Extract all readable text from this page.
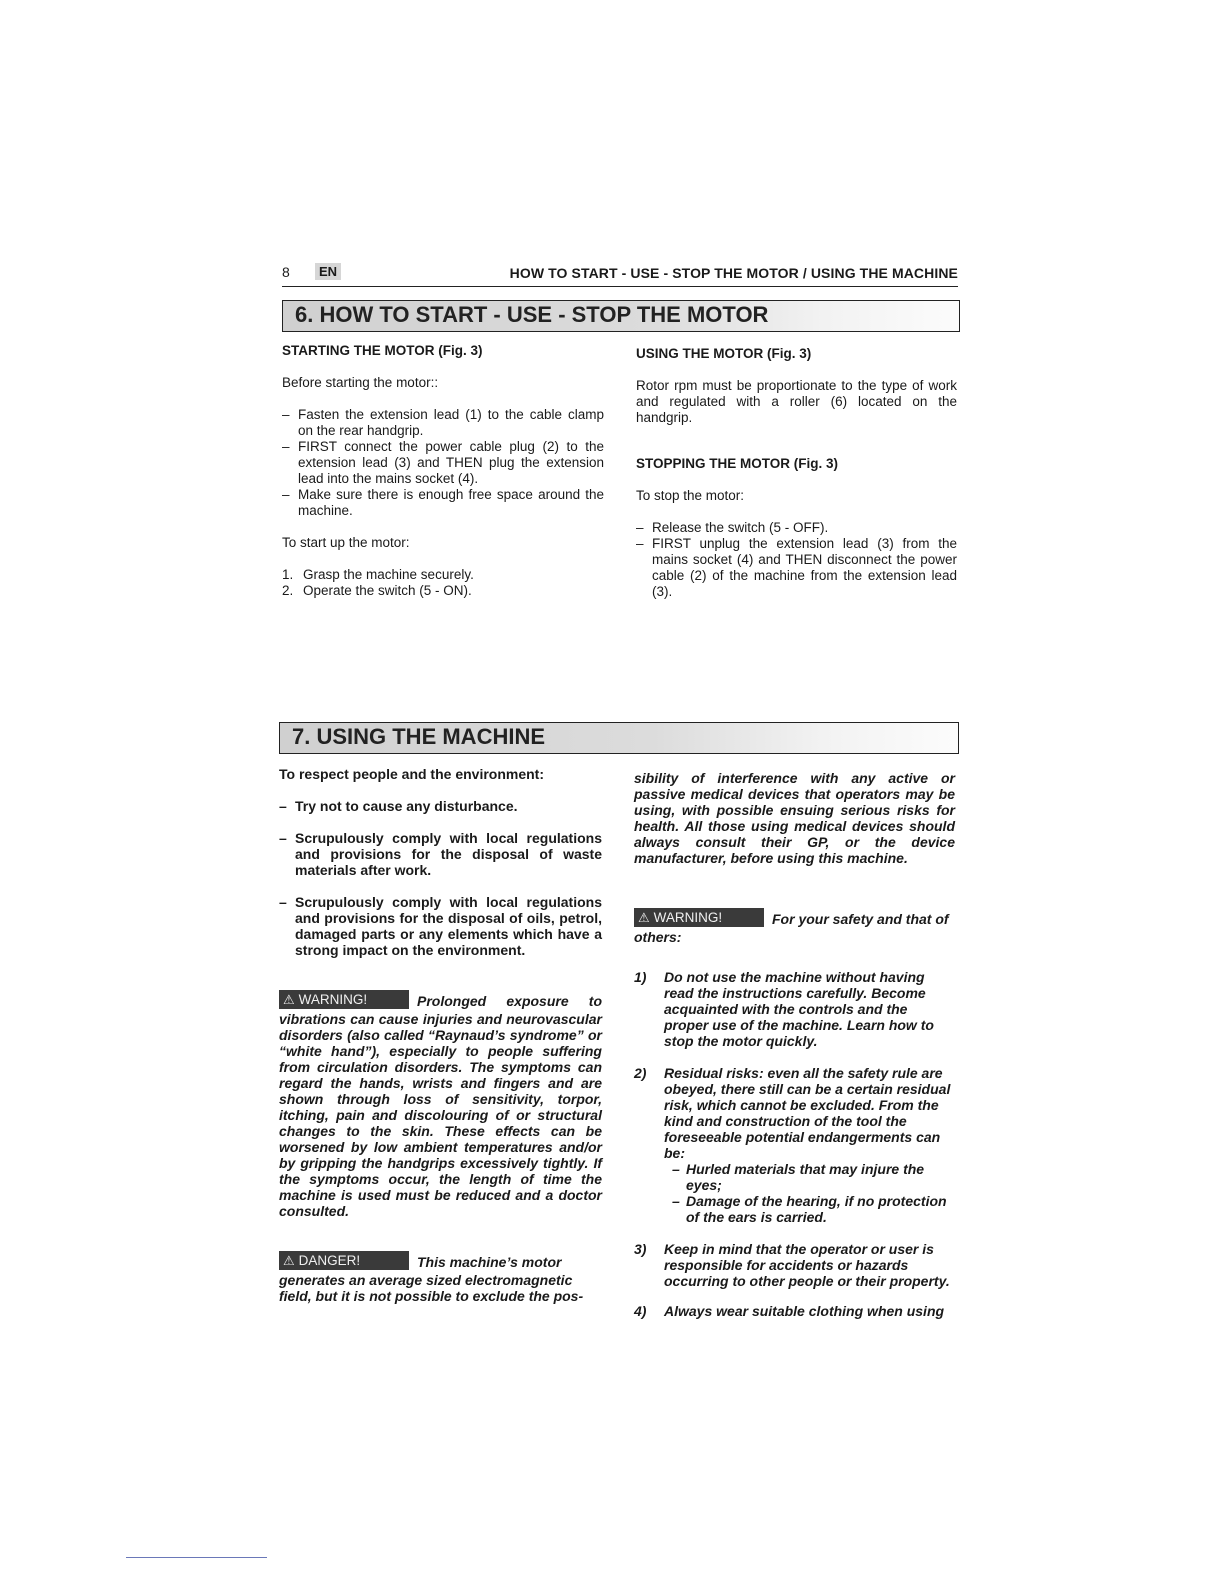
8	EN	HOW TO START - USE - STOP THE MOTOR / USING THE MACHINE
6. HOW TO START - USE - STOP THE MOTOR

STARTING THE MOTOR (Fig. 3)

Before starting the motor::

– Fasten the extension lead (1) to the cable clamp on the rear handgrip.
– FIRST connect the power cable plug (2) to the extension lead (3) and THEN plug the extension lead into the mains socket (4).
– Make sure there is enough free space around the machine.

To start up the motor:

1. Grasp the machine securely.
2. Operate the switch (5 - ON).

USING THE MOTOR (Fig. 3)

Rotor rpm must be proportionate to the type of work and regulated with a roller (6) located on the handgrip.

STOPPING THE MOTOR (Fig. 3)

To stop the motor:

– Release the switch (5 - OFF).
– FIRST unplug the extension lead (3) from the mains socket (4) and THEN disconnect the power cable (2) of the machine from the extension lead (3).
7. USING THE MACHINE

To respect people and the environment:

– Try not to cause any disturbance.
– Scrupulously comply with local regulations and provisions for the disposal of waste materials after work.
– Scrupulously comply with local regulations and provisions for the disposal of oils, petrol, damaged parts or any elements which have a strong impact on the environment.

⚠ WARNING!	Prolonged exposure to vibrations can cause injuries and neurovascular disorders (also called “Raynaud’s syndrome” or “white hand”), especially to people suffering from circulation disorders. The symptoms can regard the hands, wrists and fingers and are shown through loss of sensitivity, torpor, itching, pain and discolouring of or structural changes to the skin. These effects can be worsened by low ambient temperatures and/or by gripping the handgrips excessively tightly. If the symptoms occur, the length of time the machine is used must be reduced and a doctor consulted.

⚠ DANGER!	This machine’s motor generates an average sized electromagnetic field, but it is not possible to exclude the pos-

sibility of interference with any active or passive medical devices that operators may be using, with possible ensuing serious risks for health. All those using medical devices should always consult their GP, or the device manufacturer, before using this machine.

⚠ WARNING!	For your safety and that of others:

1) Do not use the machine without having read the instructions carefully. Become acquainted with the controls and the proper use of the machine. Learn how to stop the motor quickly.
2) Residual risks: even all the safety rule are obeyed, there still can be a certain residual risk, which cannot be excluded. From the kind and construction of the tool the foreseeable potential endangerments can be:
– Hurled materials that may injure the eyes;
– Damage of the hearing, if no protection of the ears is carried.
3) Keep in mind that the operator or user is responsible for accidents or hazards occurring to other people or their property.
4) Always wear suitable clothing when using
